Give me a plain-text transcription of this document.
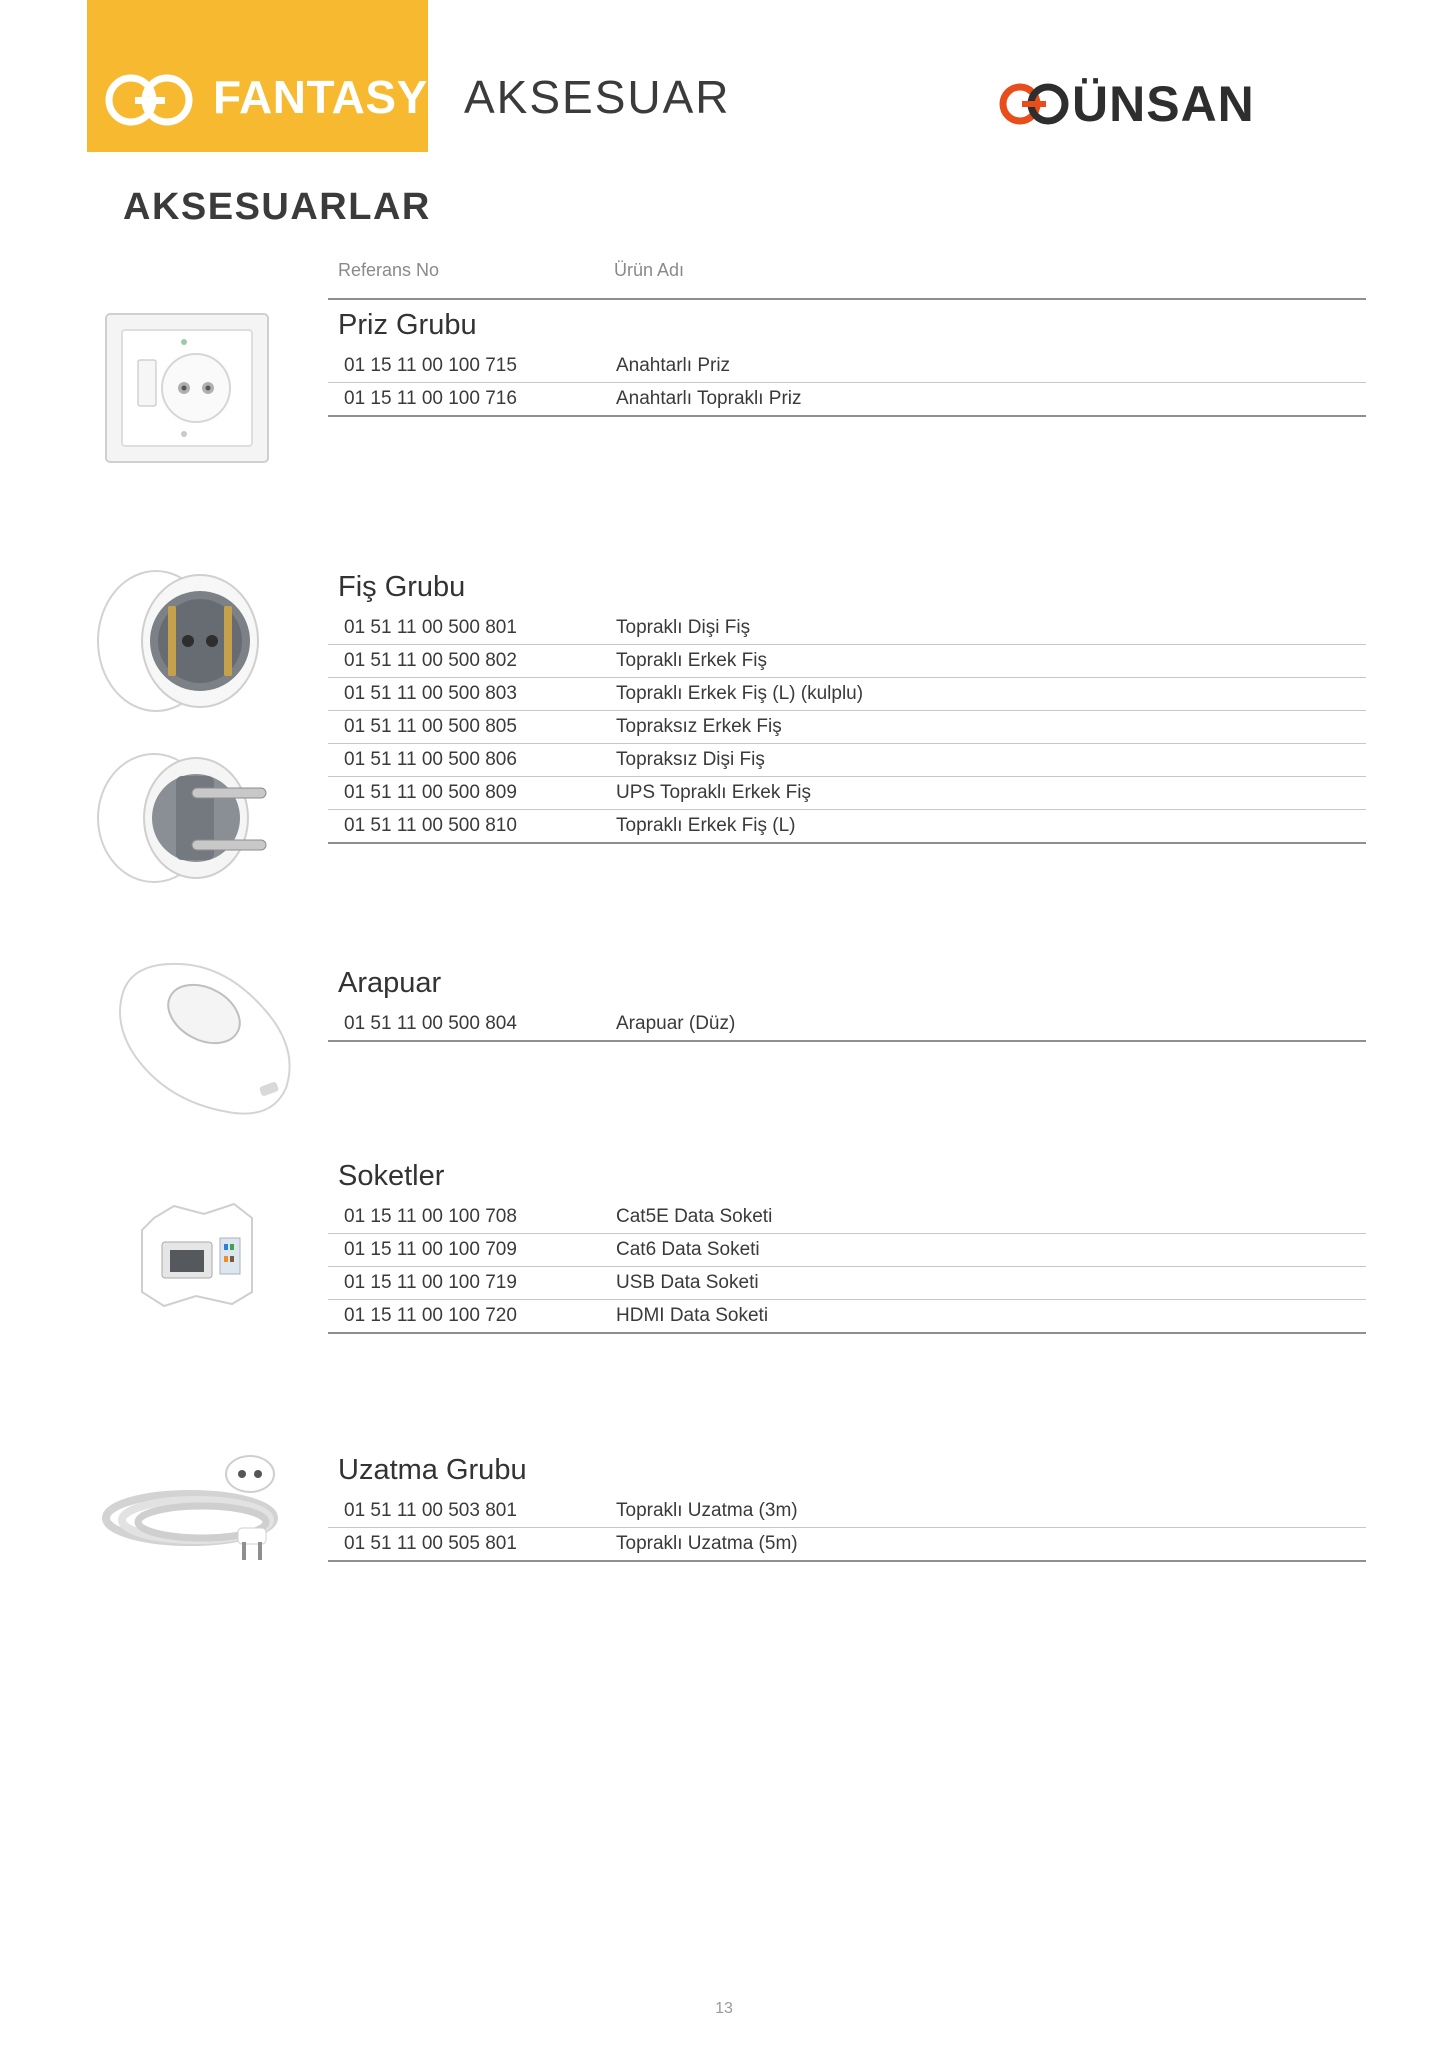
FANTASY AKSESUAR	ÜNSAN
AKSESUARLAR
Referans No	Ürün Adı
Priz Grubu
01 15 11 00 100 715	Anahtarlı Priz
01 15 11 00 100 716	Anahtarlı Topraklı Priz
Fiş Grubu
01 51 11 00 500 801	Topraklı Dişi Fiş
01 51 11 00 500 802	Topraklı Erkek Fiş
01 51 11 00 500 803	Topraklı Erkek Fiş (L) (kulplu)
01 51 11 00 500 805	Topraksız Erkek Fiş
01 51 11 00 500 806	Topraksız Dişi Fiş
01 51 11 00 500 809	UPS Topraklı Erkek Fiş
01 51 11 00 500 810	Topraklı Erkek Fiş (L)
Arapuar
01 51 11 00 500 804	Arapuar (Düz)
Soketler
01 15 11 00 100 708	Cat5E Data Soketi
01 15 11 00 100 709	Cat6 Data Soketi
01 15 11 00 100 719	USB Data Soketi
01 15 11 00 100 720	HDMI Data Soketi
Uzatma Grubu
01 51 11 00 503 801	Topraklı Uzatma (3m)
01 51 11 00 505 801	Topraklı Uzatma (5m)
13
